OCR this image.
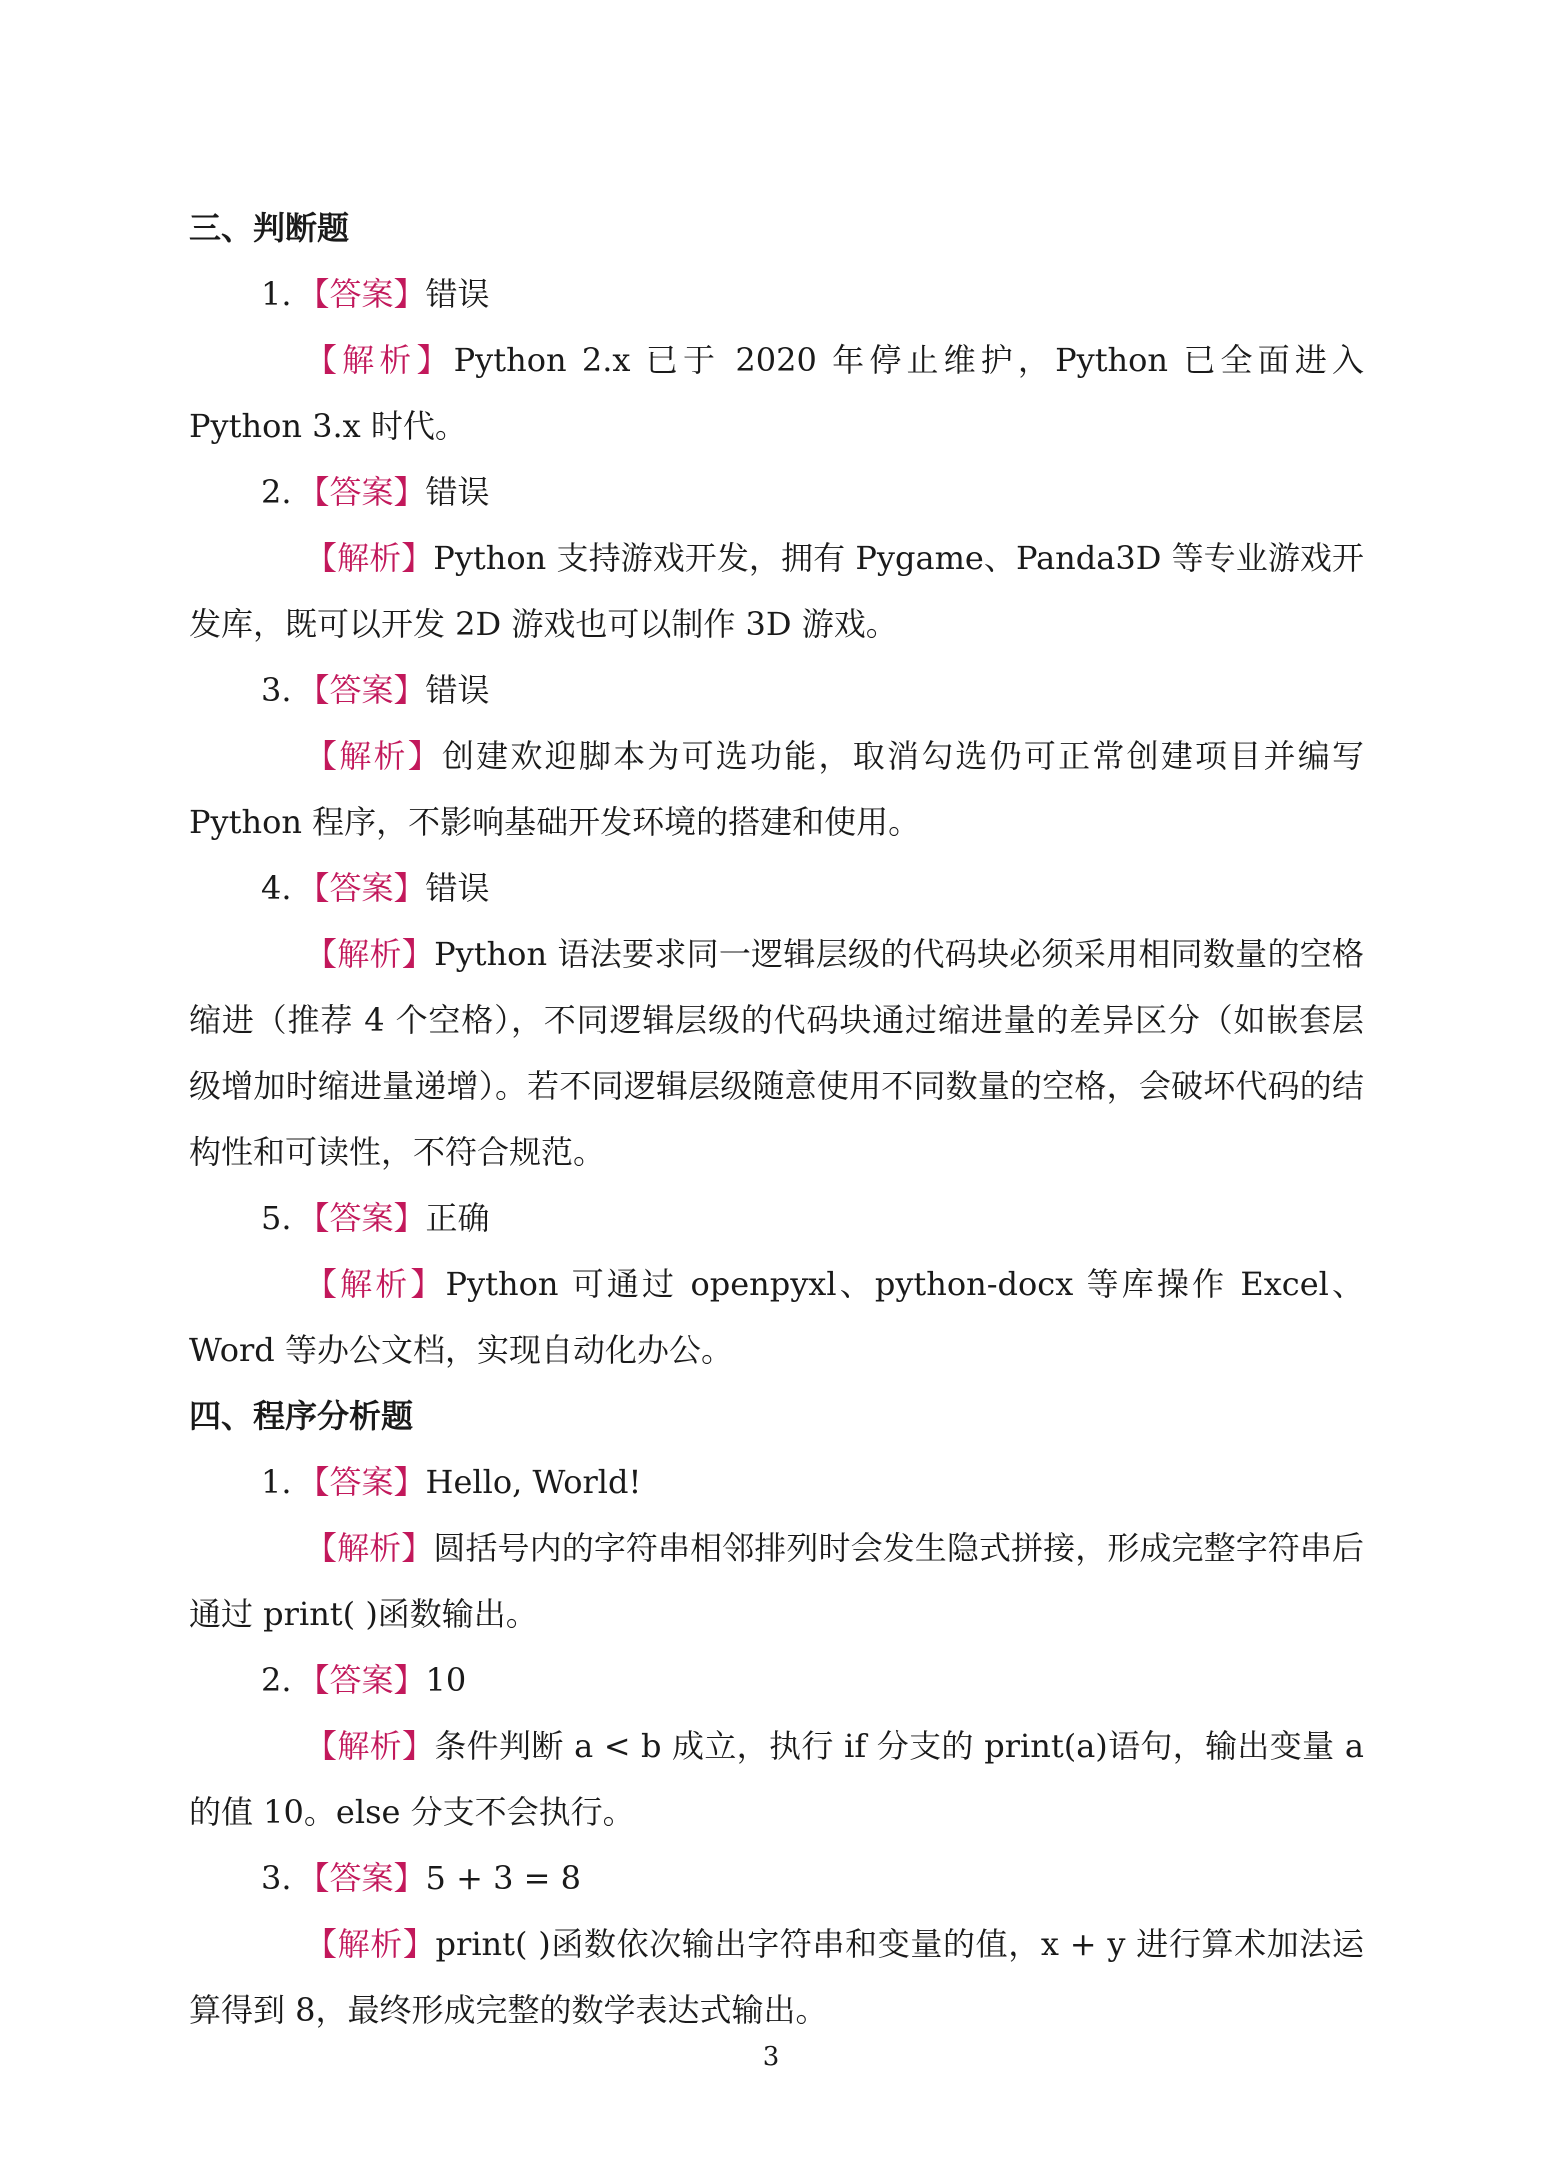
三、判断题

1. 【答案】错误

【解析】Python 2.x 已于 2020 年停止维护，Python 已全面进入 Python 3.x 时代。

2. 【答案】错误

【解析】Python 支持游戏开发，拥有 Pygame、Panda3D 等专业游戏开发库，既可以开发 2D 游戏也可以制作 3D 游戏。

3. 【答案】错误

【解析】创建欢迎脚本为可选功能，取消勾选仍可正常创建项目并编写 Python 程序，不影响基础开发环境的搭建和使用。

4. 【答案】错误

【解析】Python 语法要求同一逻辑层级的代码块必须采用相同数量的空格缩进（推荐 4 个空格），不同逻辑层级的代码块通过缩进量的差异区分（如嵌套层级增加时缩进量递增）。若不同逻辑层级随意使用不同数量的空格，会破坏代码的结构性和可读性，不符合规范。

5. 【答案】正确

【解析】Python 可通过 openpyxl、python-docx 等库操作 Excel、Word 等办公文档，实现自动化办公。

四、程序分析题

1. 【答案】Hello, World!

【解析】圆括号内的字符串相邻排列时会发生隐式拼接，形成完整字符串后通过 print( )函数输出。

2. 【答案】10

【解析】条件判断 a < b 成立，执行 if 分支的 print(a)语句，输出变量 a 的值 10。else 分支不会执行。

3. 【答案】5 + 3 = 8

【解析】print( )函数依次输出字符串和变量的值，x + y 进行算术加法运算得到 8，最终形成完整的数学表达式输出。

3
